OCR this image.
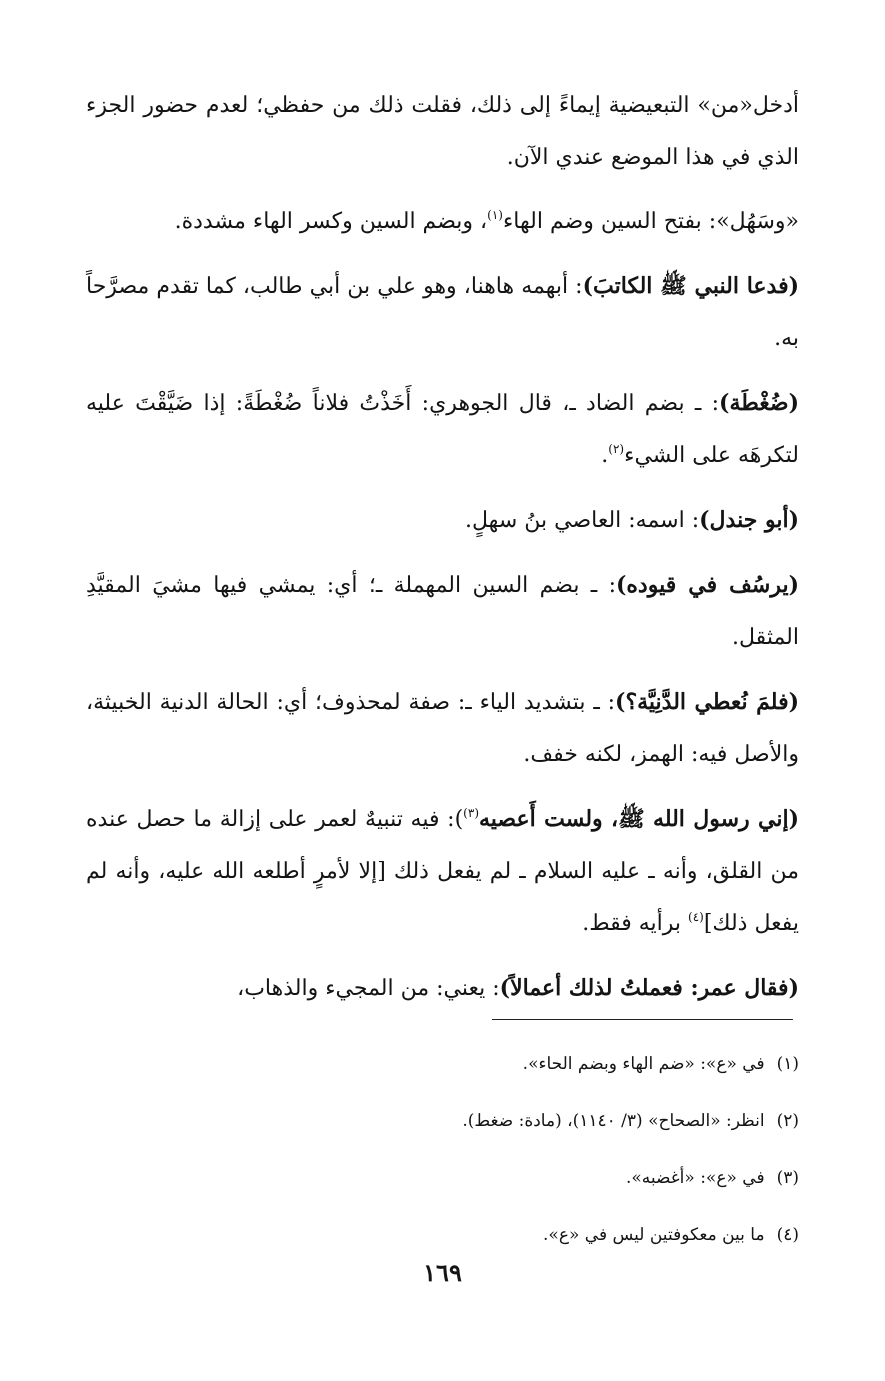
أدخل«من» التبعيضية إيماءً إلى ذلك، فقلت ذلك من حفظي؛ لعدم حضور الجزء الذي في هذا الموضع عندي الآن.

«وسَهُل»: بفتح السين وضم الهاء$^{(١)}$، وبضم السين وكسر الهاء مشددة.

(فدعا النبي ﷺ الكاتبَ): أبهمه هاهنا، وهو علي بن أبي طالب، كما تقدم مصرَّحاً به.

(ضُغْطَة): ـ بضم الضاد ـ، قال الجوهري: أَخَذْتُ فلاناً ضُغْطَةً: إذا ضَيَّقْتَ عليه لتكرهَه على الشيء$^{(٢)}$.

(أبو جندل): اسمه: العاصي بنُ سهلٍ.

(يرسُف في قيوده): ـ بضم السين المهملة ـ؛ أي: يمشي فيها مشيَ المقيَّدِ المثقل.

(فلمَ نُعطي الدَّنِيَّة؟): ـ بتشديد الياء ـ: صفة لمحذوف؛ أي: الحالة الدنية الخبيثة، والأصل فيه: الهمز، لكنه خفف.

(إني رسول الله ﷺ، ولست أَعصيه$^{(٣)}$): فيه تنبيهٌ لعمر على إزالة ما حصل عنده من القلق، وأنه ـ عليه السلام ـ لم يفعل ذلك [إلا لأمرٍ أطلعه الله عليه، وأنه لم يفعل ذلك]$^{(٤)}$ برأيه فقط.

(فقال عمر: فعملتُ لذلك أعمالاً): يعني: من المجيء والذهاب،

(١)في «ع»: «ضم الهاء وبضم الحاء».

(٢)انظر: «الصحاح» (٣/ ١١٤٠)، (مادة: ضغط).

(٣)في «ع»: «أغضبه».

(٤)ما بين معكوفتين ليس في «ع».

١٦٩
